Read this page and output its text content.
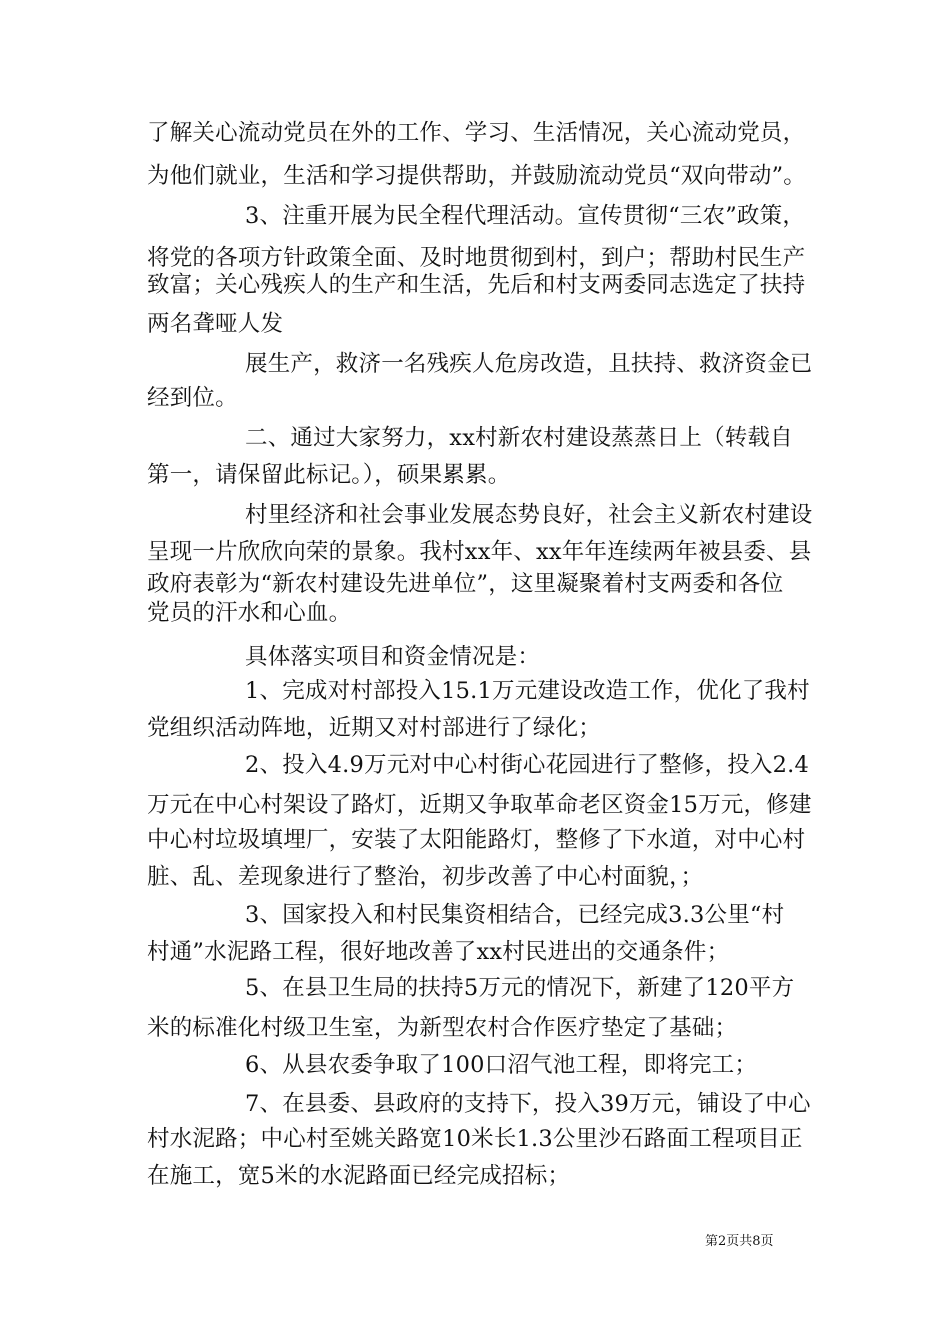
了解关心流动党员在外的工作、学习、生活情况，关心流动党员，
为他们就业，生活和学习提供帮助，并鼓励流动党员“双向带动”。
3、注重开展为民全程代理活动。宣传贯彻“三农”政策，
将党的各项方针政策全面、及时地贯彻到村，到户；帮助村民生产
致富；关心残疾人的生产和生活，先后和村支两委同志选定了扶持
两名聋哑人发
展生产，救济一名残疾人危房改造，且扶持、救济资金已
经到位。
二、通过大家努力，xx村新农村建设蒸蒸日上（转载自
第一，请保留此标记。），硕果累累。
村里经济和社会事业发展态势良好，社会主义新农村建设
呈现一片欣欣向荣的景象。我村xx年、xx年年连续两年被县委、县
政府表彰为“新农村建设先进单位”，这里凝聚着村支两委和各位
党员的汗水和心血。
具体落实项目和资金情况是：
1、完成对村部投入15.1万元建设改造工作，优化了我村
党组织活动阵地，近期又对村部进行了绿化；
2、投入4.9万元对中心村街心花园进行了整修，投入2.4
万元在中心村架设了路灯，近期又争取革命老区资金15万元，修建
中心村垃圾填埋厂，安装了太阳能路灯，整修了下水道，对中心村
脏、乱、差现象进行了整治，初步改善了中心村面貌，；
3、国家投入和村民集资相结合，已经完成3.3公里“村
村通”水泥路工程，很好地改善了xx村民进出的交通条件；
5、在县卫生局的扶持5万元的情况下，新建了120平方
米的标准化村级卫生室，为新型农村合作医疗垫定了基础；
6、从县农委争取了100口沼气池工程，即将完工；
7、在县委、县政府的支持下，投入39万元，铺设了中心
村水泥路；中心村至姚关路宽10米长1.3公里沙石路面工程项目正
在施工，宽5米的水泥路面已经完成招标；
第2页共8页
